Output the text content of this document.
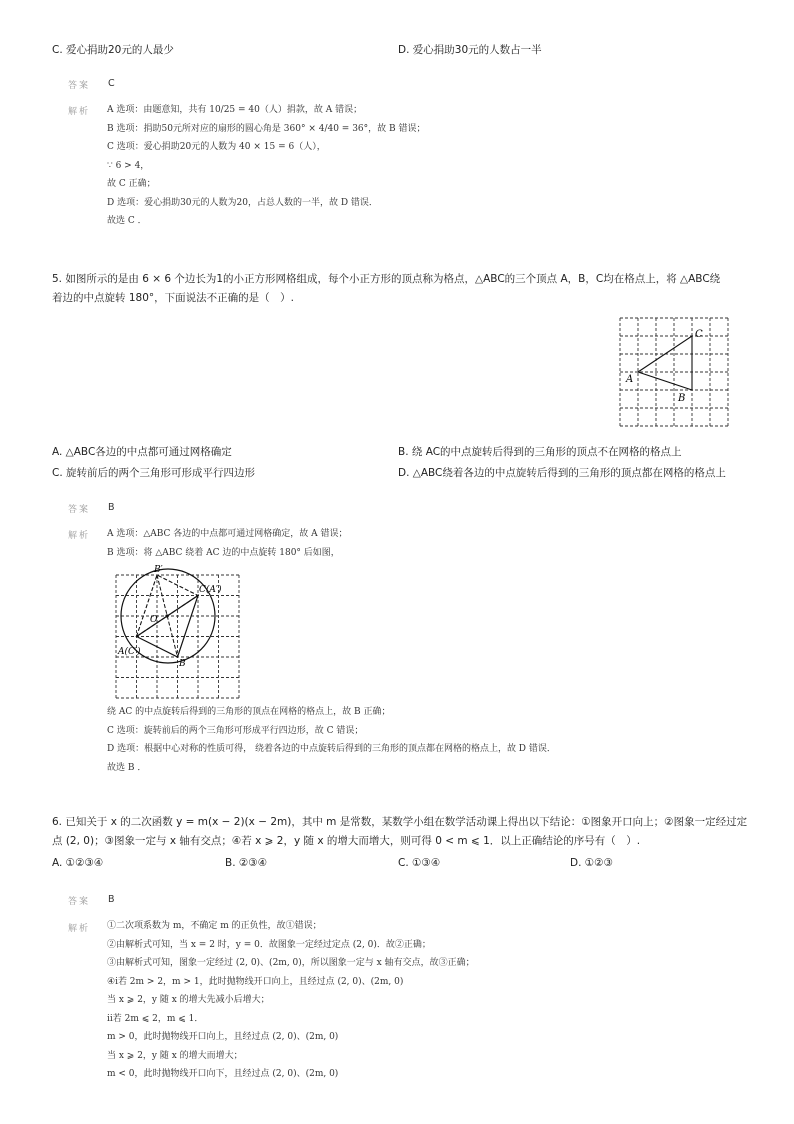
C. 爱心捐助20元的人最少	D. 爱心捐助30元的人数占一半
答案 C
解析 A 选项：由题意知，共有 10/25 = 40（人）捐款，故 A 错误；
B 选项：捐助50元所对应的扇形的圆心角是 360° × 4/40 = 36°，故 B 错误；
C 选项：爱心捐助20元的人数为 40 × 15 = 6（人），
∵ 6 > 4，
故 C 正确；
D 选项：爱心捐助30元的人数为20，占总人数的一半，故 D 错误．
故选 C ．
5. 如图所示的是由 6 × 6 个边长为1的小正方形网格组成，每个小正方形的顶点称为格点，△ABC的三个顶点 A，B，C均在格点上，将 △ABC绕
着边的中点旋转 180°，下面说法不正确的是（　）.
A
B
C
A. △ABC各边的中点都可通过网格确定	B. 绕 AC的中点旋转后得到的三角形的顶点不在网格的格点上
C. 旋转前后的两个三角形可形成平行四边形	D. △ABC绕着各边的中点旋转后得到的三角形的顶点都在网格的格点上
答案 B
解析 A 选项：△ABC 各边的中点都可通过网格确定，故 A 错误；
B 选项：将 △ABC 绕着 AC 边的中点旋转 180° 后如图，
B′
C(A′)
O
A(C′)
B
绕 AC 的中点旋转后得到的三角形的顶点在网格的格点上，故 B 正确；
C 选项：旋转前后的两个三角形可形成平行四边形，故 C 错误；
D 选项：根据中心对称的性质可得， 绕着各边的中点旋转后得到的三角形的顶点都在网格的格点上，故 D 错误．
故选 B ．
6. 已知关于 x 的二次函数 y = m(x − 2)(x − 2m)，其中 m 是常数，某数学小组在数学活动课上得出以下结论：①图象开口向上；②图象一定经过定
点 (2, 0)；③图象一定与 x 轴有交点；④若 x ⩾ 2，y 随 x 的增大而增大，则可得 0 < m ⩽ 1．以上正确结论的序号有（　）.
A. ①②③④	B. ②③④	C. ①③④	D. ①②③
答案 B
解析 ①二次项系数为 m，不确定 m 的正负性，故①错误；
②由解析式可知，当 x = 2 时，y = 0．故图象一定经过定点 (2, 0)．故②正确；
③由解析式可知，图象一定经过 (2, 0)、(2m, 0)，所以图象一定与 x 轴有交点，故③正确；
④ⅰ若 2m > 2，m > 1，此时抛物线开口向上，且经过点 (2, 0)、(2m, 0)
当 x ⩾ 2，y 随 x 的增大先减小后增大；
ⅱ若 2m ⩽ 2，m ⩽ 1．
m > 0，此时抛物线开口向上，且经过点 (2, 0)、(2m, 0)
当 x ⩾ 2，y 随 x 的增大而增大；
m < 0，此时抛物线开口向下，且经过点 (2, 0)、(2m, 0)
